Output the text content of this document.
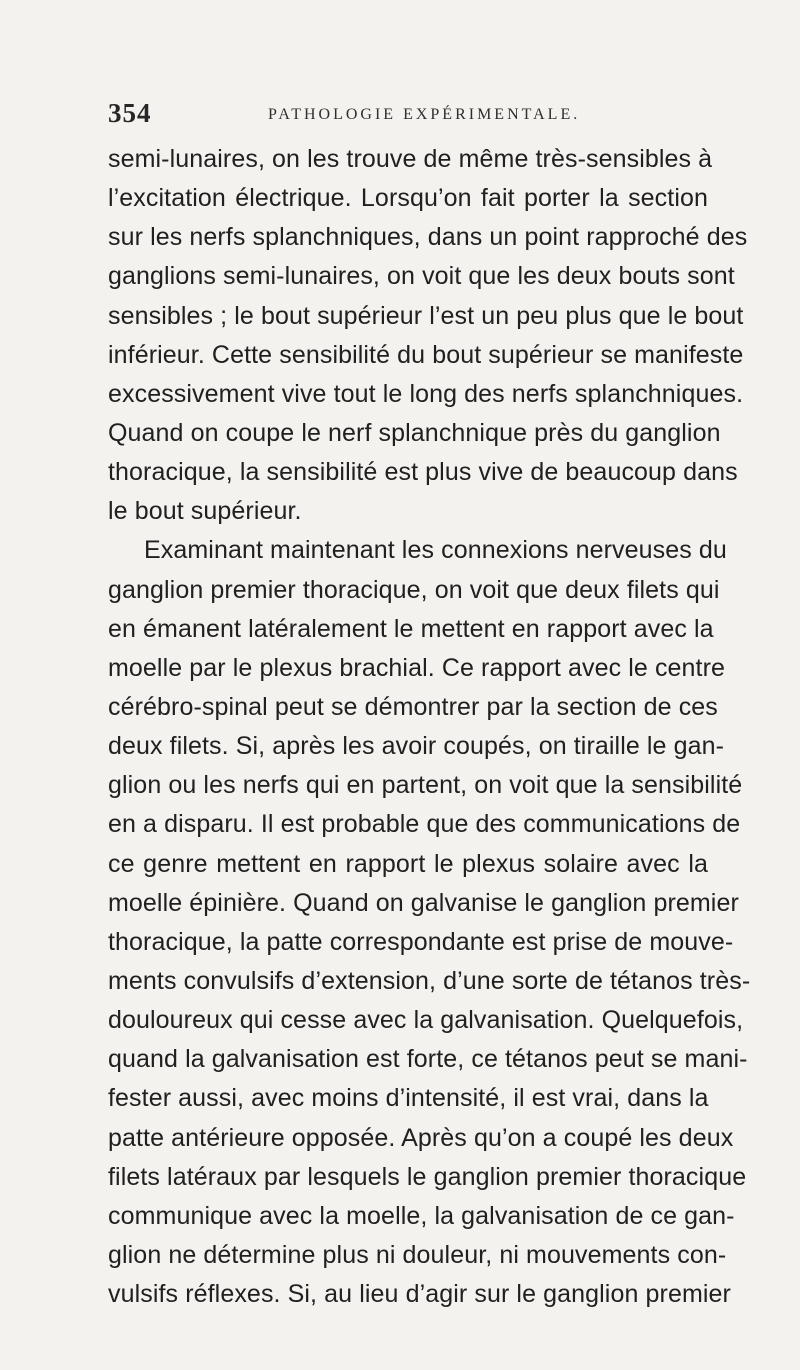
354	PATHOLOGIE EXPÉRIMENTALE.
semi-lunaires, on les trouve de même très-sensibles à
l’excitation électrique. Lorsqu’on fait porter la section
sur les nerfs splanchniques, dans un point rapproché des
ganglions semi-lunaires, on voit que les deux bouts sont
sensibles ; le bout supérieur l’est un peu plus que le bout
inférieur. Cette sensibilité du bout supérieur se manifeste
excessivement vive tout le long des nerfs splanchniques.
Quand on coupe le nerf splanchnique près du ganglion
thoracique, la sensibilité est plus vive de beaucoup dans
le bout supérieur.
Examinant maintenant les connexions nerveuses du
ganglion premier thoracique, on voit que deux filets qui
en émanent latéralement le mettent en rapport avec la
moelle par le plexus brachial. Ce rapport avec le centre
cérébro-spinal peut se démontrer par la section de ces
deux filets. Si, après les avoir coupés, on tiraille le gan-
glion ou les nerfs qui en partent, on voit que la sensibilité
en a disparu. Il est probable que des communications de
ce genre mettent en rapport le plexus solaire avec la
moelle épinière. Quand on galvanise le ganglion premier
thoracique, la patte correspondante est prise de mouve-
ments convulsifs d’extension, d’une sorte de tétanos très-
douloureux qui cesse avec la galvanisation. Quelquefois,
quand la galvanisation est forte, ce tétanos peut se mani-
fester aussi, avec moins d’intensité, il est vrai, dans la
patte antérieure opposée. Après qu’on a coupé les deux
filets latéraux par lesquels le ganglion premier thoracique
communique avec la moelle, la galvanisation de ce gan-
glion ne détermine plus ni douleur, ni mouvements con-
vulsifs réflexes. Si, au lieu d’agir sur le ganglion premier
